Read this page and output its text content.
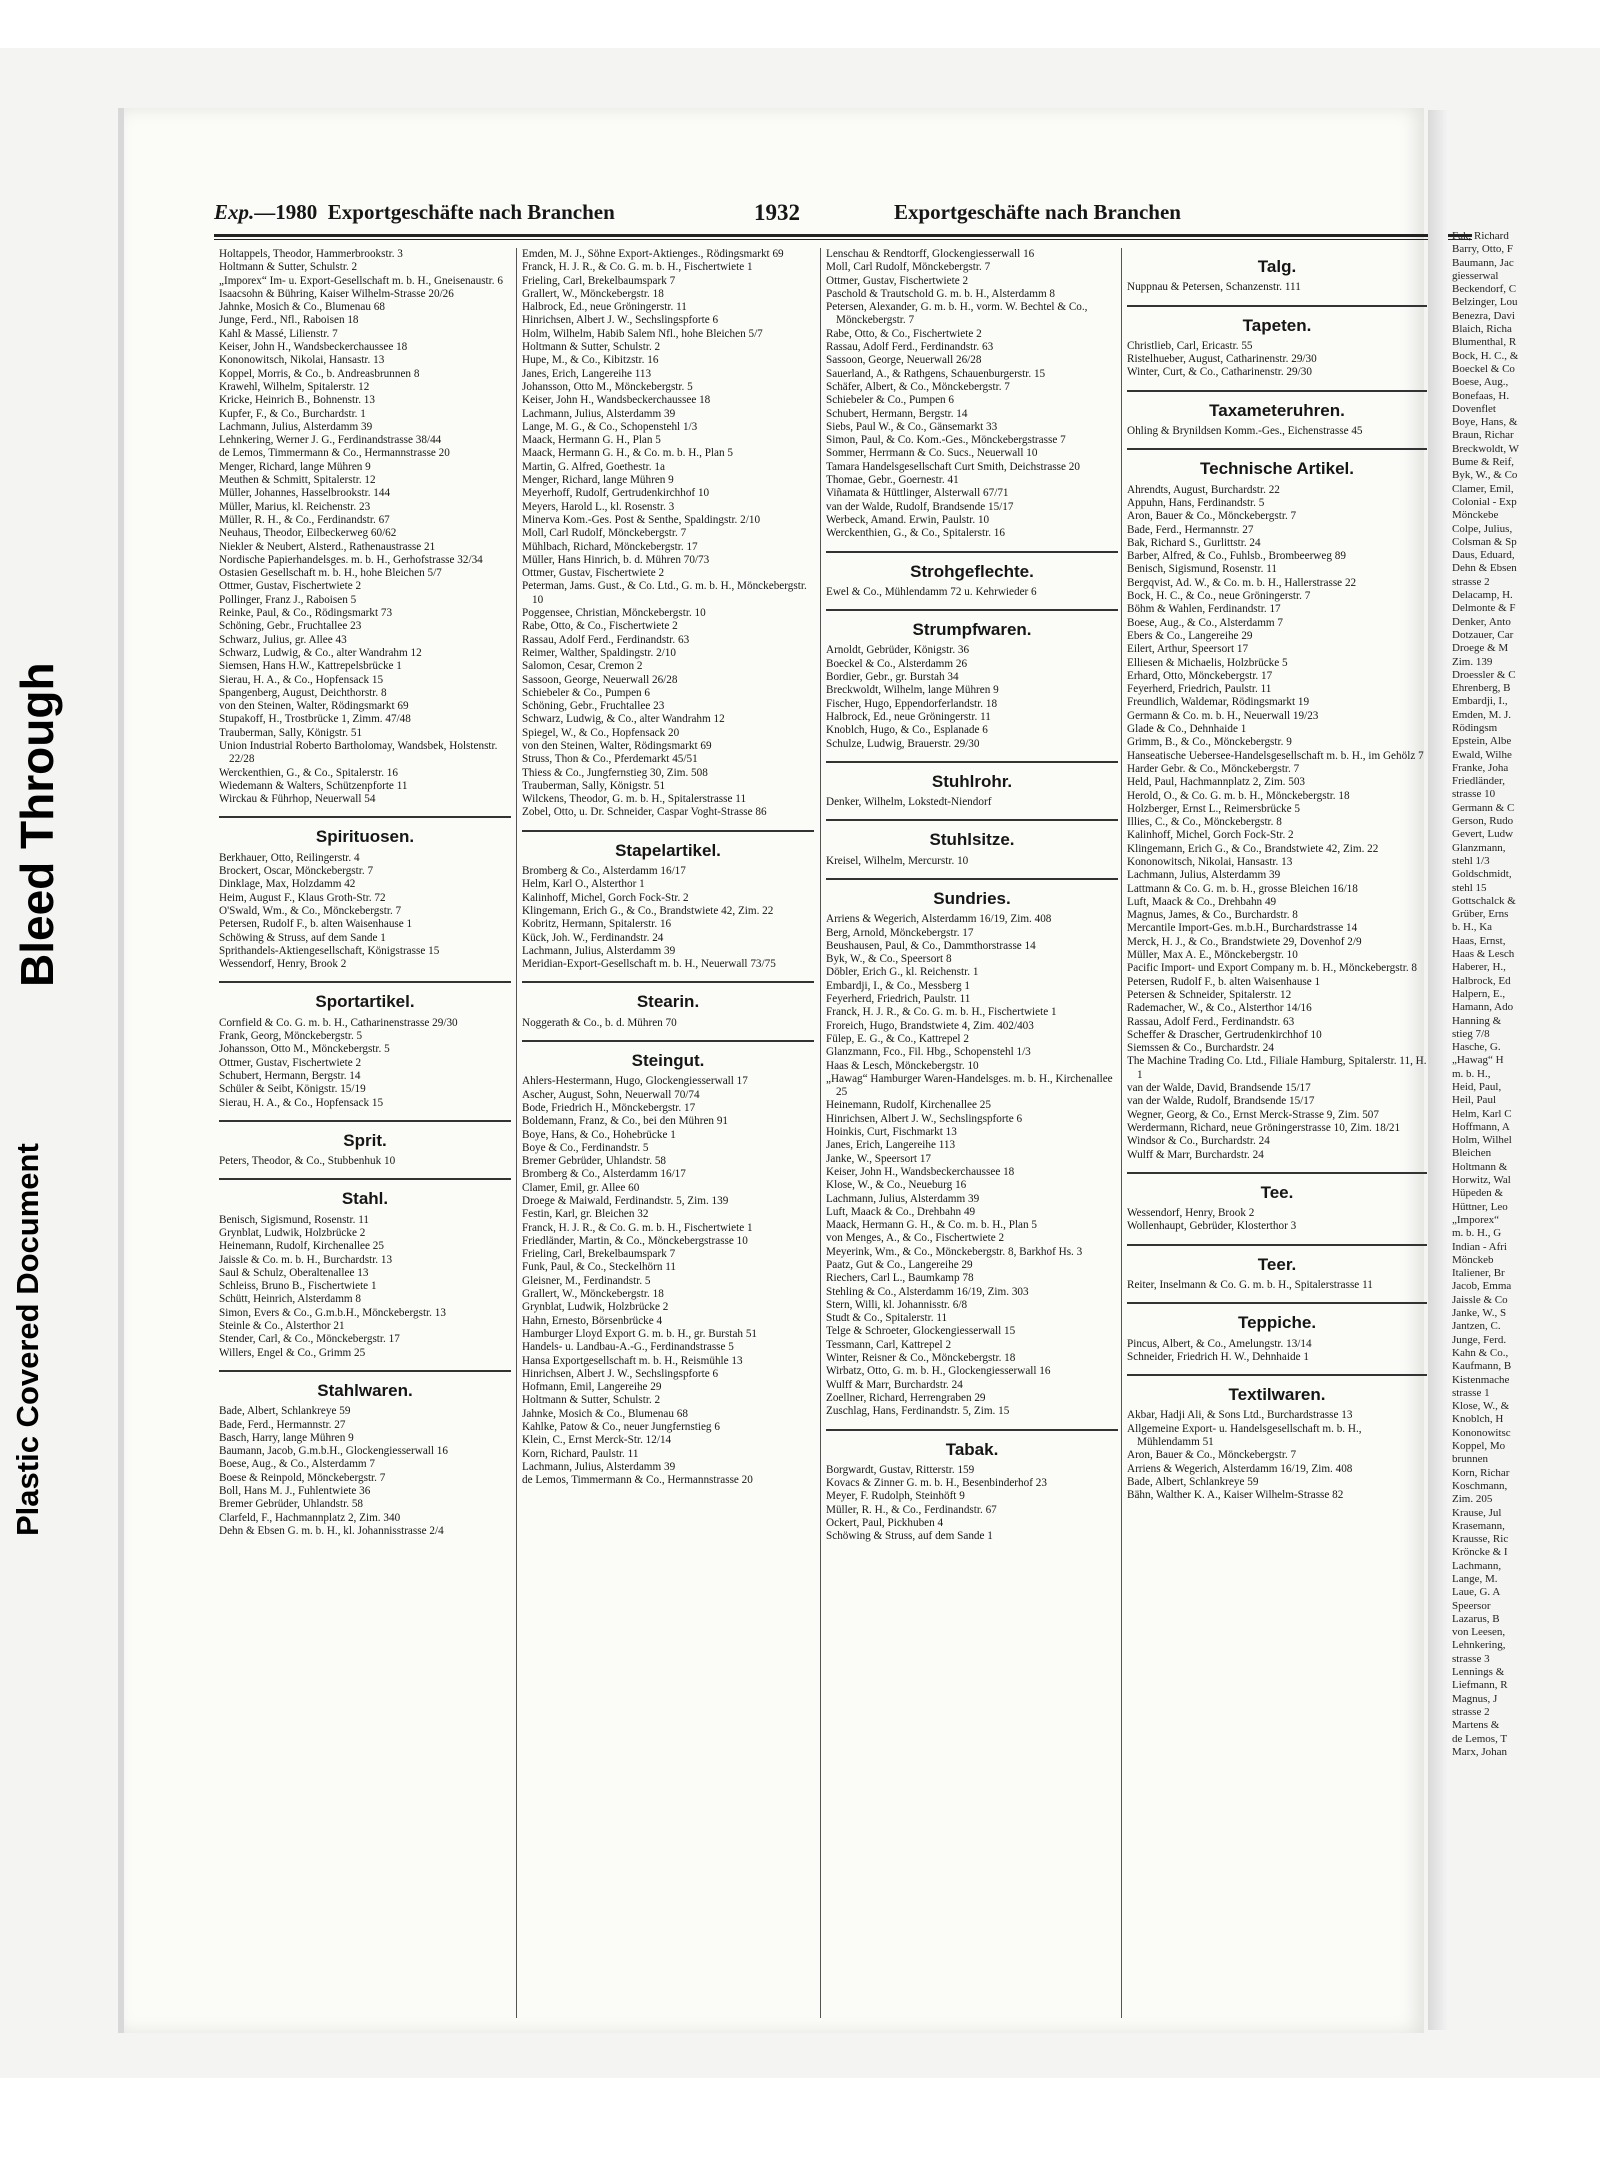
Bleed Through
Plastic Covered Document
Exp.—1980 Exportgeschäfte nach Branchen	1932	Exportgeschäfte nach Branchen

Holtappels, Theodor, Hammerbrookstr. 3

Holtmann & Sutter, Schulstr. 2

„Imporex“ Im- u. Export-Gesellschaft m. b. H., Gneisenaustr. 6

Isaacsohn & Bühring, Kaiser Wilhelm-Strasse 20/26

Jahnke, Mosich & Co., Blumenau 68

Junge, Ferd., Nfl., Raboisen 18

Kahl & Massé, Lilienstr. 7

Keiser, John H., Wandsbeckerchaussee 18

Kononowitsch, Nikolai, Hansastr. 13

Koppel, Morris, & Co., b. Andreasbrunnen 8

Krawehl, Wilhelm, Spitalerstr. 12

Kricke, Heinrich B., Bohnenstr. 13

Kupfer, F., & Co., Burchardstr. 1

Lachmann, Julius, Alsterdamm 39

Lehnkering, Werner J. G., Ferdinandstrasse 38/44

de Lemos, Timmermann & Co., Hermannstrasse 20

Menger, Richard, lange Mühren 9

Meuthen & Schmitt, Spitalerstr. 12

Müller, Johannes, Hasselbrookstr. 144

Müller, Marius, kl. Reichenstr. 23

Müller, R. H., & Co., Ferdinandstr. 67

Neuhaus, Theodor, Eilbeckerweg 60/62

Niekler & Neubert, Alsterd., Rathenaustrasse 21

Nordische Papierhandelsges. m. b. H., Gerhofstrasse 32/34

Ostasien Gesellschaft m. b. H., hohe Bleichen 5/7

Ottmer, Gustav, Fischertwiete 2

Pollinger, Franz J., Raboisen 5

Reinke, Paul, & Co., Rödingsmarkt 73

Schöning, Gebr., Fruchtallee 23

Schwarz, Julius, gr. Allee 43

Schwarz, Ludwig, & Co., alter Wandrahm 12

Siemsen, Hans H.W., Kattrepelsbrücke 1

Sierau, H. A., & Co., Hopfensack 15

Spangenberg, August, Deichthorstr. 8

von den Steinen, Walter, Rödingsmarkt 69

Stupakoff, H., Trostbrücke 1, Zimm. 47/48

Trauberman, Sally, Königstr. 51

Union Industrial Roberto Bartholomay, Wandsbek, Holstenstr. 22/28

Werckenthien, G., & Co., Spitalerstr. 16

Wiedemann & Walters, Schützenpforte 11

Wirckau & Führhop, Neuerwall 54

Spirituosen.

Berkhauer, Otto, Reilingerstr. 4

Brockert, Oscar, Mönckebergstr. 7

Dinklage, Max, Holzdamm 42

Heim, August F., Klaus Groth-Str. 72

O'Swald, Wm., & Co., Mönckebergstr. 7

Petersen, Rudolf F., b. alten Waisenhause 1

Schöwing & Struss, auf dem Sande 1

Sprithandels-Aktiengesellschaft, Königstrasse 15

Wessendorf, Henry, Brook 2

Sportartikel.

Cornfield & Co. G. m. b. H., Catharinenstrasse 29/30

Frank, Georg, Mönckebergstr. 5

Johansson, Otto M., Mönckebergstr. 5

Ottmer, Gustav, Fischertwiete 2

Schubert, Hermann, Bergstr. 14

Schüler & Seibt, Königstr. 15/19

Sierau, H. A., & Co., Hopfensack 15

Sprit.

Peters, Theodor, & Co., Stubbenhuk 10

Stahl.

Benisch, Sigismund, Rosenstr. 11

Grynblat, Ludwik, Holzbrücke 2

Heinemann, Rudolf, Kirchenallee 25

Jaissle & Co. m. b. H., Burchardstr. 13

Saul & Schulz, Oberaltenallee 13

Schleiss, Bruno B., Fischertwiete 1

Schütt, Heinrich, Alsterdamm 8

Simon, Evers & Co., G.m.b.H., Mönckebergstr. 13

Steinle & Co., Alsterthor 21

Stender, Carl, & Co., Mönckebergstr. 17

Willers, Engel & Co., Grimm 25

Stahlwaren.

Bade, Albert, Schlankreye 59

Bade, Ferd., Hermannstr. 27

Basch, Harry, lange Mühren 9

Baumann, Jacob, G.m.b.H., Glockengiesserwall 16

Boese, Aug., & Co., Alsterdamm 7

Boese & Reinpold, Mönckebergstr. 7

Boll, Hans M. J., Fuhlentwiete 36

Bremer Gebrüder, Uhlandstr. 58

Clarfeld, F., Hachmannplatz 2, Zim. 340

Dehn & Ebsen G. m. b. H., kl. Johannisstrasse 2/4

Emden, M. J., Söhne Export-Aktienges., Rödingsmarkt 69

Franck, H. J. R., & Co. G. m. b. H., Fischertwiete 1

Frieling, Carl, Brekelbaumspark 7

Grallert, W., Mönckebergstr. 18

Halbrock, Ed., neue Gröningerstr. 11

Hinrichsen, Albert J. W., Sechslingspforte 6

Holm, Wilhelm, Habib Salem Nfl., hohe Bleichen 5/7

Holtmann & Sutter, Schulstr. 2

Hupe, M., & Co., Kibitzstr. 16

Janes, Erich, Langereihe 113

Johansson, Otto M., Mönckebergstr. 5

Keiser, John H., Wandsbeckerchaussee 18

Lachmann, Julius, Alsterdamm 39

Lange, M. G., & Co., Schopenstehl 1/3

Maack, Hermann G. H., Plan 5

Maack, Hermann G. H., & Co. m. b. H., Plan 5

Martin, G. Alfred, Goethestr. 1a

Menger, Richard, lange Mühren 9

Meyerhoff, Rudolf, Gertrudenkirchhof 10

Meyers, Harold L., kl. Rosenstr. 3

Minerva Kom.-Ges. Post & Senthe, Spaldingstr. 2/10

Moll, Carl Rudolf, Mönckebergstr. 7

Mühlbach, Richard, Mönckebergstr. 17

Müller, Hans Hinrich, b. d. Mühren 70/73

Ottmer, Gustav, Fischertwiete 2

Peterman, Jams. Gust., & Co. Ltd., G. m. b. H., Mönckebergstr. 10

Poggensee, Christian, Mönckebergstr. 10

Rabe, Otto, & Co., Fischertwiete 2

Rassau, Adolf Ferd., Ferdinandstr. 63

Reimer, Walther, Spaldingstr. 2/10

Salomon, Cesar, Cremon 2

Sassoon, George, Neuerwall 26/28

Schiebeler & Co., Pumpen 6

Schöning, Gebr., Fruchtallee 23

Schwarz, Ludwig, & Co., alter Wandrahm 12

Spiegel, W., & Co., Hopfensack 20

von den Steinen, Walter, Rödingsmarkt 69

Struss, Thon & Co., Pferdemarkt 45/51

Thiess & Co., Jungfernstieg 30, Zim. 508

Trauberman, Sally, Königstr. 51

Wilckens, Theodor, G. m. b. H., Spitalerstrasse 11

Zobel, Otto, u. Dr. Schneider, Caspar Voght-Strasse 86

Stapelartikel.

Bromberg & Co., Alsterdamm 16/17

Helm, Karl O., Alsterthor 1

Kalinhoff, Michel, Gorch Fock-Str. 2

Klingemann, Erich G., & Co., Brandstwiete 42, Zim. 22

Kobritz, Hermann, Spitalerstr. 16

Kück, Joh. W., Ferdinandstr. 24

Lachmann, Julius, Alsterdamm 39

Meridian-Export-Gesellschaft m. b. H., Neuerwall 73/75

Stearin.

Noggerath & Co., b. d. Mühren 70

Steingut.

Ahlers-Hestermann, Hugo, Glockengiesserwall 17

Ascher, August, Sohn, Neuerwall 70/74

Bode, Friedrich H., Mönckebergstr. 17

Boldemann, Franz, & Co., bei den Mühren 91

Boye, Hans, & Co., Hohebrücke 1

Boye & Co., Ferdinandstr. 5

Bremer Gebrüder, Uhlandstr. 58

Bromberg & Co., Alsterdamm 16/17

Clamer, Emil, gr. Allee 60

Droege & Maiwald, Ferdinandstr. 5, Zim. 139

Festin, Karl, gr. Bleichen 32

Franck, H. J. R., & Co. G. m. b. H., Fischertwiete 1

Friedländer, Martin, & Co., Mönckebergstrasse 10

Frieling, Carl, Brekelbaumspark 7

Funk, Paul, & Co., Steckelhörn 11

Gleisner, M., Ferdinandstr. 5

Grallert, W., Mönckebergstr. 18

Grynblat, Ludwik, Holzbrücke 2

Hahn, Ernesto, Börsenbrücke 4

Hamburger Lloyd Export G. m. b. H., gr. Burstah 51

Handels- u. Landbau-A.-G., Ferdinandstrasse 5

Hansa Exportgesellschaft m. b. H., Reismühle 13

Hinrichsen, Albert J. W., Sechslingspforte 6

Hofmann, Emil, Langereihe 29

Holtmann & Sutter, Schulstr. 2

Jahnke, Mosich & Co., Blumenau 68

Kahlke, Patow & Co., neuer Jungfernstieg 6

Klein, C., Ernst Merck-Str. 12/14

Korn, Richard, Paulstr. 11

Lachmann, Julius, Alsterdamm 39

de Lemos, Timmermann & Co., Hermannstrasse 20

Lenschau & Rendtorff, Glockengiesserwall 16

Moll, Carl Rudolf, Mönckebergstr. 7

Ottmer, Gustav, Fischertwiete 2

Paschold & Trautschold G. m. b. H., Alsterdamm 8

Petersen, Alexander, G. m. b. H., vorm. W. Bechtel & Co., Mönckebergstr. 7

Rabe, Otto, & Co., Fischertwiete 2

Rassau, Adolf Ferd., Ferdinandstr. 63

Sassoon, George, Neuerwall 26/28

Sauerland, A., & Rathgens, Schauenburgerstr. 15

Schäfer, Albert, & Co., Mönckebergstr. 7

Schiebeler & Co., Pumpen 6

Schubert, Hermann, Bergstr. 14

Siebs, Paul W., & Co., Gänsemarkt 33

Simon, Paul, & Co. Kom.-Ges., Mönckebergstrasse 7

Sommer, Herrmann & Co. Sucs., Neuerwall 10

Tamara Handelsgesellschaft Curt Smith, Deichstrasse 20

Thomae, Gebr., Goernestr. 41

Viñamata & Hüttlinger, Alsterwall 67/71

van der Walde, Rudolf, Brandsende 15/17

Werbeck, Amand. Erwin, Paulstr. 10

Werckenthien, G., & Co., Spitalerstr. 16

Strohgeflechte.

Ewel & Co., Mühlendamm 72 u. Kehrwieder 6

Strumpfwaren.

Arnoldt, Gebrüder, Königstr. 36

Boeckel & Co., Alsterdamm 26

Bordier, Gebr., gr. Burstah 34

Breckwoldt, Wilhelm, lange Mühren 9

Fischer, Hugo, Eppendorferlandstr. 18

Halbrock, Ed., neue Gröningerstr. 11

Knoblch, Hugo, & Co., Esplanade 6

Schulze, Ludwig, Brauerstr. 29/30

Stuhlrohr.

Denker, Wilhelm, Lokstedt-Niendorf

Stuhlsitze.

Kreisel, Wilhelm, Mercurstr. 10

Sundries.

Arriens & Wegerich, Alsterdamm 16/19, Zim. 408

Berg, Arnold, Mönckebergstr. 17

Beushausen, Paul, & Co., Dammthorstrasse 14

Byk, W., & Co., Speersort 8

Döbler, Erich G., kl. Reichenstr. 1

Embardji, I., & Co., Messberg 1

Feyerherd, Friedrich, Paulstr. 11

Franck, H. J. R., & Co. G. m. b. H., Fischertwiete 1

Froreich, Hugo, Brandstwiete 4, Zim. 402/403

Fülep, E. G., & Co., Kattrepel 2

Glanzmann, Fco., Fil. Hbg., Schopenstehl 1/3

Haas & Lesch, Mönckebergstr. 10

„Hawag“ Hamburger Waren-Handelsges. m. b. H., Kirchenallee 25

Heinemann, Rudolf, Kirchenallee 25

Hinrichsen, Albert J. W., Sechslingspforte 6

Hoinkis, Curt, Fischmarkt 13

Janes, Erich, Langereihe 113

Janke, W., Speersort 17

Keiser, John H., Wandsbeckerchaussee 18

Klose, W., & Co., Neueburg 16

Lachmann, Julius, Alsterdamm 39

Luft, Maack & Co., Drehbahn 49

Maack, Hermann G. H., & Co. m. b. H., Plan 5

von Menges, A., & Co., Fischertwiete 2

Meyerink, Wm., & Co., Mönckebergstr. 8, Barkhof Hs. 3

Paatz, Gut & Co., Langereihe 29

Riechers, Carl L., Baumkamp 78

Stehling & Co., Alsterdamm 16/19, Zim. 303

Stern, Willi, kl. Johannisstr. 6/8

Studt & Co., Spitalerstr. 11

Telge & Schroeter, Glockengiesserwall 15

Tessmann, Carl, Kattrepel 2

Winter, Reisner & Co., Mönckebergstr. 18

Wirbatz, Otto, G. m. b. H., Glockengiesserwall 16

Wulff & Marr, Burchardstr. 24

Zoellner, Richard, Herrengraben 29

Zuschlag, Hans, Ferdinandstr. 5, Zim. 15

Tabak.

Borgwardt, Gustav, Ritterstr. 159

Kovacs & Zinner G. m. b. H., Besenbinderhof 23

Meyer, F. Rudolph, Steinhöft 9

Müller, R. H., & Co., Ferdinandstr. 67

Ockert, Paul, Pickhuben 4

Schöwing & Struss, auf dem Sande 1

Talg.

Nuppnau & Petersen, Schanzenstr. 111

Tapeten.

Christlieb, Carl, Ericastr. 55

Ristelhueber, August, Catharinenstr. 29/30

Winter, Curt, & Co., Catharinenstr. 29/30

Taxameteruhren.

Ohling & Brynildsen Komm.-Ges., Eichenstrasse 45

Technische Artikel.

Ahrendts, August, Burchardstr. 22

Appuhn, Hans, Ferdinandstr. 5

Aron, Bauer & Co., Mönckebergstr. 7

Bade, Ferd., Hermannstr. 27

Bak, Richard S., Gurlittstr. 24

Barber, Alfred, & Co., Fuhlsb., Brombeerweg 89

Benisch, Sigismund, Rosenstr. 11

Bergqvist, Ad. W., & Co. m. b. H., Hallerstrasse 22

Bock, H. C., & Co., neue Gröningerstr. 7

Böhm & Wahlen, Ferdinandstr. 17

Boese, Aug., & Co., Alsterdamm 7

Ebers & Co., Langereihe 29

Eilert, Arthur, Speersort 17

Elliesen & Michaelis, Holzbrücke 5

Erhard, Otto, Mönckebergstr. 17

Feyerherd, Friedrich, Paulstr. 11

Freundlich, Waldemar, Rödingsmarkt 19

Germann & Co. m. b. H., Neuerwall 19/23

Glade & Co., Dehnhaide 1

Grimm, B., & Co., Mönckebergstr. 9

Hanseatische Uebersee-Handelsgesellschaft m. b. H., im Gehölz 7

Harder Gebr. & Co., Mönckebergstr. 7

Held, Paul, Hachmannplatz 2, Zim. 503

Herold, O., & Co. G. m. b. H., Mönckebergstr. 18

Holzberger, Ernst L., Reimersbrücke 5

Illies, C., & Co., Mönckebergstr. 8

Kalinhoff, Michel, Gorch Fock-Str. 2

Klingemann, Erich G., & Co., Brandstwiete 42, Zim. 22

Kononowitsch, Nikolai, Hansastr. 13

Lachmann, Julius, Alsterdamm 39

Lattmann & Co. G. m. b. H., grosse Bleichen 16/18

Luft, Maack & Co., Drehbahn 49

Magnus, James, & Co., Burchardstr. 8

Mercantile Import-Ges. m.b.H., Burchardstrasse 14

Merck, H. J., & Co., Brandstwiete 29, Dovenhof 2/9

Müller, Max A. E., Mönckebergstr. 10

Pacific Import- und Export Company m. b. H., Mönckebergstr. 8

Petersen, Rudolf F., b. alten Waisenhause 1

Petersen & Schneider, Spitalerstr. 12

Rademacher, W., & Co., Alsterthor 14/16

Rassau, Adolf Ferd., Ferdinandstr. 63

Scheffer & Drascher, Gertrudenkirchhof 10

Siemssen & Co., Burchardstr. 24

The Machine Trading Co. Ltd., Filiale Hamburg, Spitalerstr. 11, H. 1

van der Walde, David, Brandsende 15/17

van der Walde, Rudolf, Brandsende 15/17

Wegner, Georg, & Co., Ernst Merck-Strasse 9, Zim. 507

Werdermann, Richard, neue Gröningerstrasse 10, Zim. 18/21

Windsor & Co., Burchardstr. 24

Wulff & Marr, Burchardstr. 24

Tee.

Wessendorf, Henry, Brook 2

Wollenhaupt, Gebrüder, Klosterthor 3

Teer.

Reiter, Inselmann & Co. G. m. b. H., Spitalerstrasse 11

Teppiche.

Pincus, Albert, & Co., Amelungstr. 13/14

Schneider, Friedrich H. W., Dehnhaide 1

Textilwaren.

Akbar, Hadji Ali, & Sons Ltd., Burchardstrasse 13

Allgemeine Export- u. Handelsgesellschaft m. b. H., Mühlendamm 51

Aron, Bauer & Co., Mönckebergstr. 7

Arriens & Wegerich, Alsterdamm 16/19, Zim. 408

Bade, Albert, Schlankreye 59

Bähn, Walther K. A., Kaiser Wilhelm-Strasse 82

Fak, Richard
Barry, Otto, F
Baumann, Jac
giesserwal
Beckendorf, C
Belzinger, Lou
Benezra, Davi
Blaich, Richa
Blumenthal, R
Bock, H. C., &
Boeckel & Co
Boese, Aug.,
Bonefaas, H.
Dovenflet
Boye, Hans, &
Braun, Richar
Breckwoldt, W
Bume & Reif,
Byk, W., & Co
Clamer, Emil,
Colonial - Exp
Mönckebe
Colpe, Julius,
Colsman & Sp
Daus, Eduard,
Dehn & Ebsen
strasse 2
Delacamp, H.
Delmonte & F
Denker, Anto
Dotzauer, Car
Droege & M
Zim. 139
Droessler & C
Ehrenberg, B
Embardji, I.,
Emden, M. J.
Rödingsm
Epstein, Albe
Ewald, Wilhe
Franke, Joha
Friedländer,
strasse 10
Germann & C
Gerson, Rudo
Gevert, Ludw
Glanzmann,
stehl 1/3
Goldschmidt,
stehl 15
Gottschalck &
Grüber, Erns
b. H., Ka
Haas, Ernst,
Haas & Lesch
Haberer, H.,
Halbrock, Ed
Halpern, E.,
Hamann, Ado
Hanning &
stieg 7/8
Hasche, G.
„Hawag“ H
m. b. H.,
Heid, Paul,
Heil, Paul
Helm, Karl C
Hoffmann, A
Holm, Wilhel
Bleichen
Holtmann &
Horwitz, Wal
Hüpeden &
Hüttner, Leo
„Imporex“
m. b. H., G
Indian - Afri
Mönckeb
Italiener, Br
Jacob, Emma
Jaissle & Co
Janke, W., S
Jantzen, C.
Junge, Ferd.
Kahn & Co.,
Kaufmann, B
Kistenmache
strasse 1
Klose, W., &
Knoblch, H
Kononowitsc
Koppel, Mo
brunnen
Korn, Richar
Koschmann,
Zim. 205
Krause, Jul
Krasemann,
Krausse, Ric
Kröncke & I
Lachmann,
Lange, M.
Laue, G. A
Speersor
Lazarus, B
von Leesen,
Lehnkering,
strasse 3
Lennings &
Liefmann, R
Magnus, J
strasse 2
Martens &
de Lemos, T
Marx, Johan
